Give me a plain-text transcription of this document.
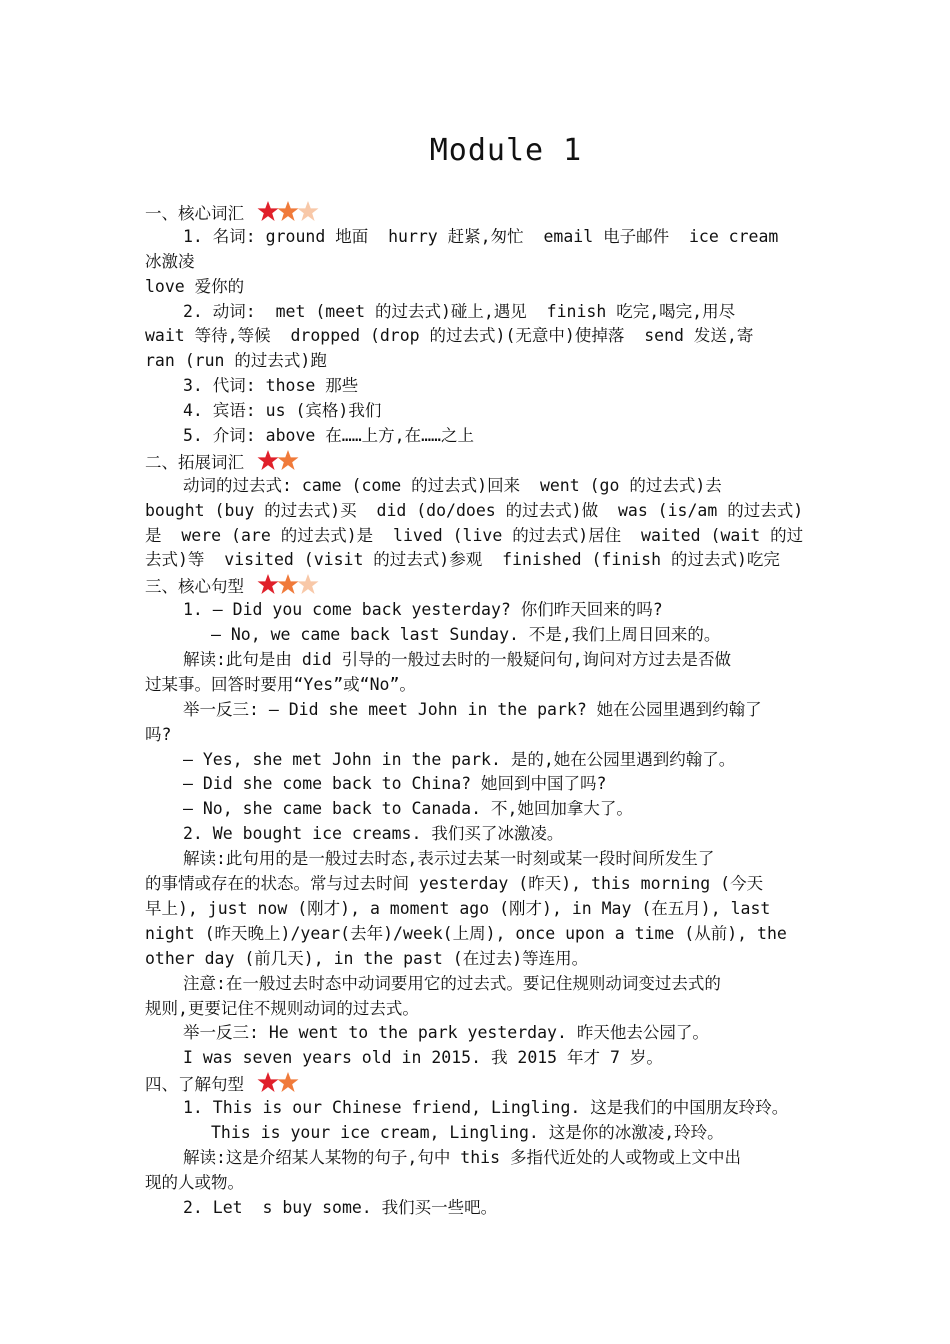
Module 1
一、核心词汇
1. 名词: ground 地面  hurry 赶紧,匆忙  email 电子邮件  ice cream
冰激凌
love 爱你的
2. 动词:  met (meet 的过去式)碰上,遇见  finish 吃完,喝完,用尽
wait 等待,等候  dropped (drop 的过去式)(无意中)使掉落  send 发送,寄
ran (run 的过去式)跑
3. 代词: those 那些
4. 宾语: us (宾格)我们
5. 介词: above 在……上方,在……之上
二、拓展词汇
动词的过去式: came (come 的过去式)回来  went (go 的过去式)去
bought (buy 的过去式)买  did (do/does 的过去式)做  was (is/am 的过去式)
是  were (are 的过去式)是  lived (live 的过去式)居住  waited (wait 的过
去式)等  visited (visit 的过去式)参观  finished (finish 的过去式)吃完
三、核心句型
1. — Did you come back yesterday? 你们昨天回来的吗?
— No, we came back last Sunday. 不是,我们上周日回来的。
解读:此句是由 did 引导的一般过去时的一般疑问句,询问对方过去是否做
过某事。回答时要用“Yes”或“No”。
举一反三: — Did she meet John in the park? 她在公园里遇到约翰了
吗?
— Yes, she met John in the park. 是的,她在公园里遇到约翰了。
— Did she come back to China? 她回到中国了吗?
— No, she came back to Canada. 不,她回加拿大了。
2. We bought ice creams. 我们买了冰激凌。
解读:此句用的是一般过去时态,表示过去某一时刻或某一段时间所发生了
的事情或存在的状态。常与过去时间 yesterday (昨天), this morning (今天
早上), just now (刚才), a moment ago (刚才), in May (在五月), last
night (昨天晚上)/year(去年)/week(上周), once upon a time (从前), the
other day (前几天), in the past (在过去)等连用。
注意:在一般过去时态中动词要用它的过去式。要记住规则动词变过去式的
规则,更要记住不规则动词的过去式。
举一反三: He went to the park yesterday. 昨天他去公园了。
I was seven years old in 2015. 我 2015 年才 7 岁。
四、了解句型
1. This is our Chinese friend, Lingling. 这是我们的中国朋友玲玲。
This is your ice cream, Lingling. 这是你的冰激凌,玲玲。
解读:这是介绍某人某物的句子,句中 this 多指代近处的人或物或上文中出
现的人或物。
2. Let  s buy some. 我们买一些吧。
